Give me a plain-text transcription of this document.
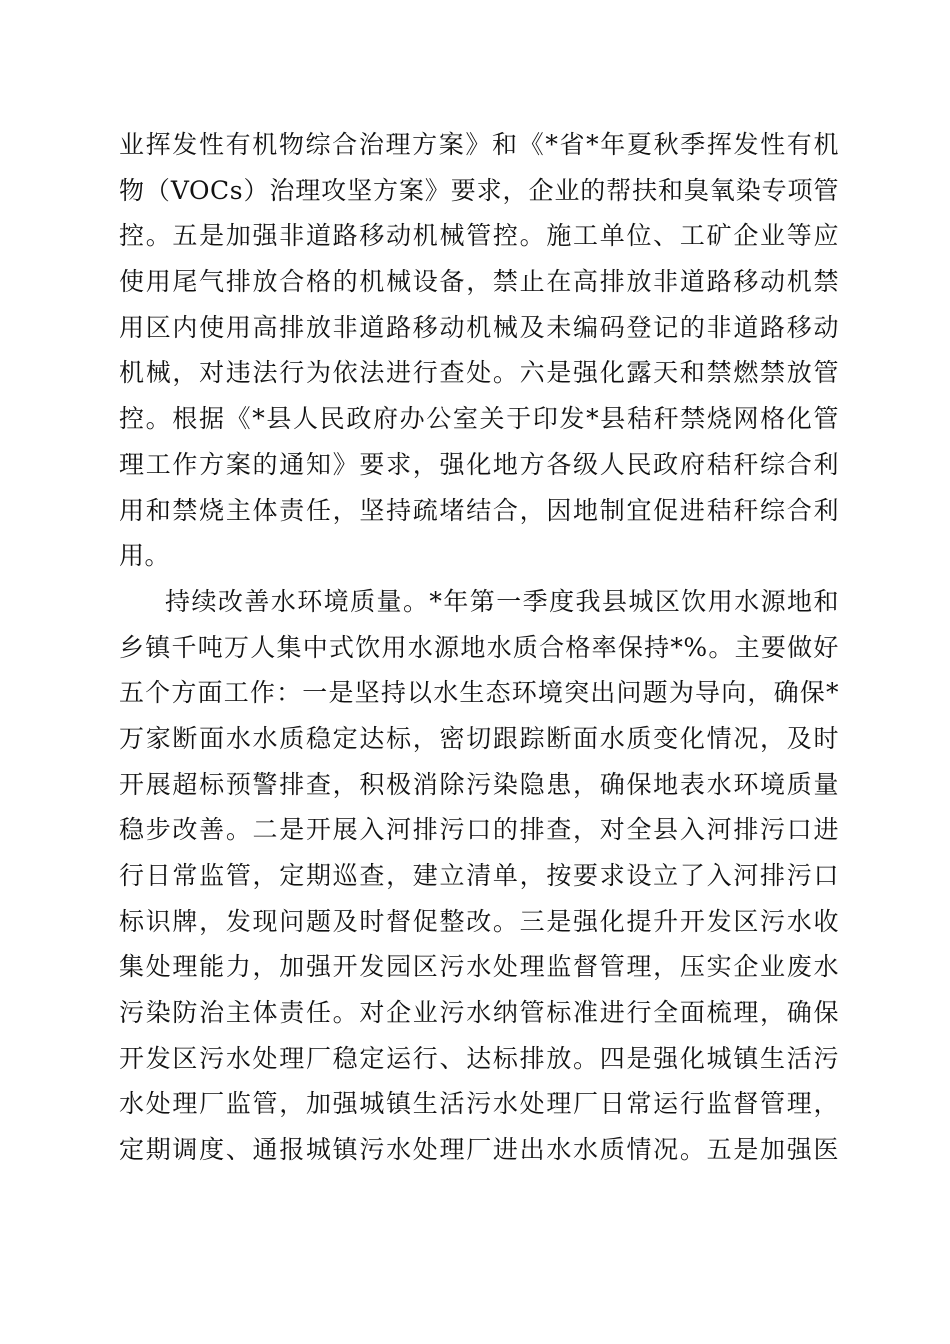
业挥发性有机物综合治理方案》和《*省*年夏秋季挥发性有机
物（VOCs）治理攻坚方案》要求，企业的帮扶和臭氧染专项管
控。五是加强非道路移动机械管控。施工单位、工矿企业等应
使用尾气排放合格的机械设备，禁止在高排放非道路移动机禁
用区内使用高排放非道路移动机械及未编码登记的非道路移动
机械，对违法行为依法进行查处。六是强化露天和禁燃禁放管
控。根据《*县人民政府办公室关于印发*县秸秆禁烧网格化管
理工作方案的通知》要求，强化地方各级人民政府秸秆综合利
用和禁烧主体责任，坚持疏堵结合，因地制宜促进秸秆综合利
用。
持续改善水环境质量。*年第一季度我县城区饮用水源地和
乡镇千吨万人集中式饮用水源地水质合格率保持*%。主要做好
五个方面工作：一是坚持以水生态环境突出问题为导向，确保*
万家断面水水质稳定达标，密切跟踪断面水质变化情况，及时
开展超标预警排查，积极消除污染隐患，确保地表水环境质量
稳步改善。二是开展入河排污口的排查，对全县入河排污口进
行日常监管，定期巡查，建立清单，按要求设立了入河排污口
标识牌，发现问题及时督促整改。三是强化提升开发区污水收
集处理能力，加强开发园区污水处理监督管理，压实企业废水
污染防治主体责任。对企业污水纳管标准进行全面梳理，确保
开发区污水处理厂稳定运行、达标排放。四是强化城镇生活污
水处理厂监管，加强城镇生活污水处理厂日常运行监督管理，
定期调度、通报城镇污水处理厂进出水水质情况。五是加强医
